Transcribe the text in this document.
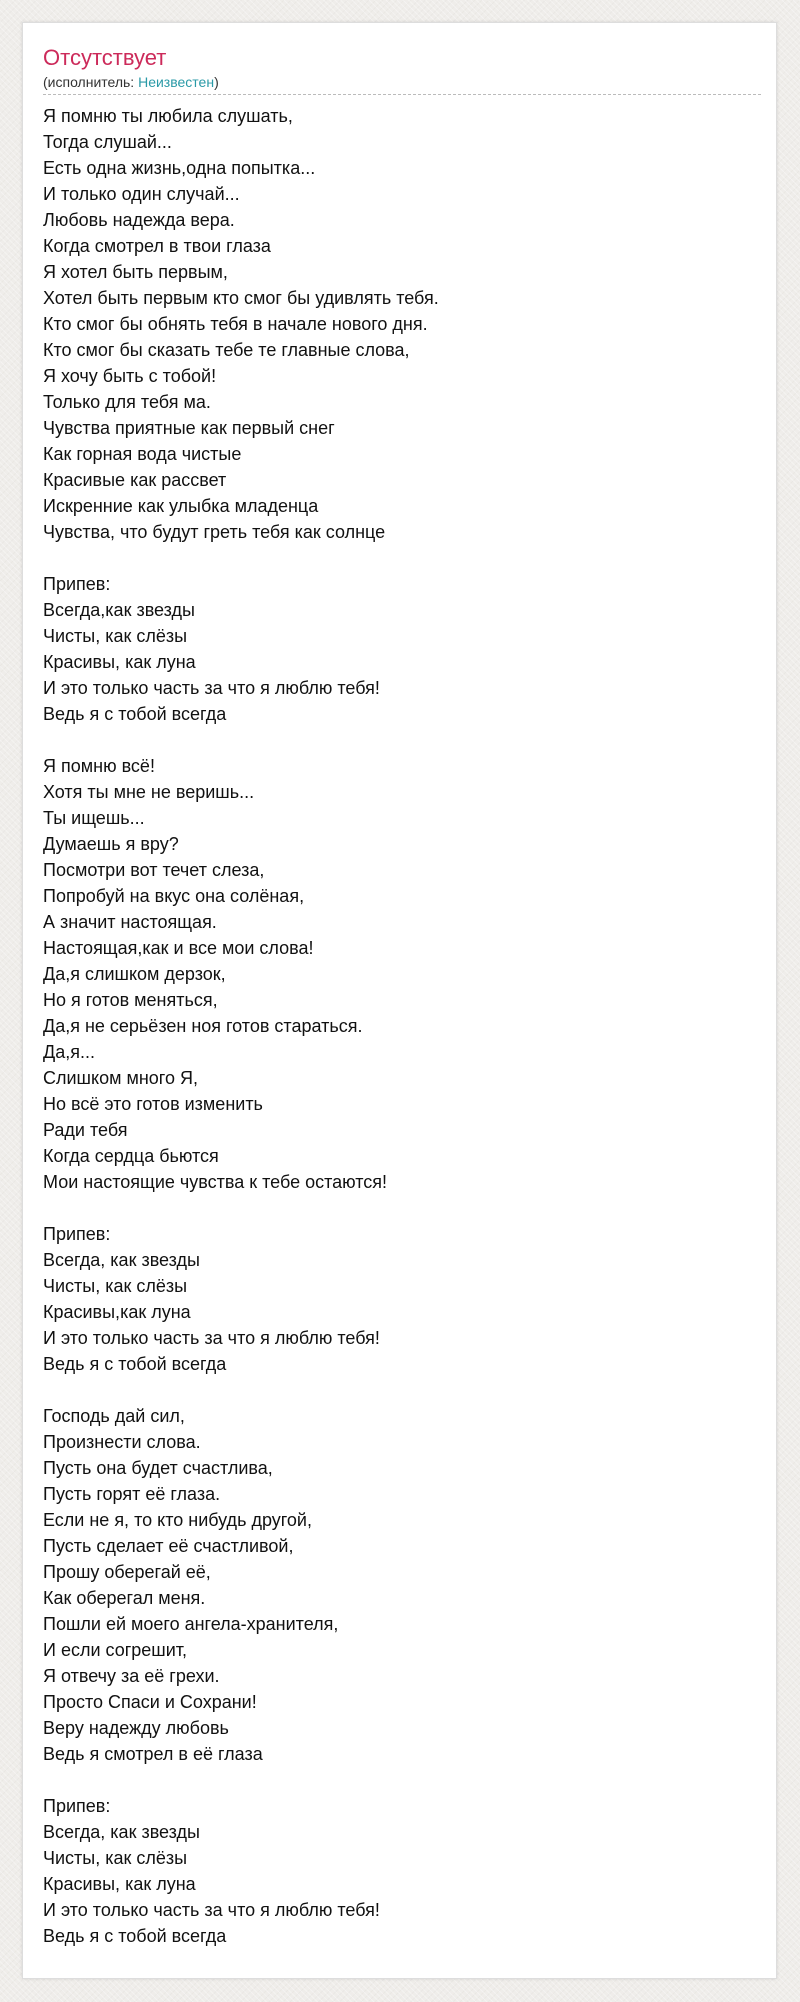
Отсутствует
(исполнитель: Неизвестен)
Я помню ты любила слушать,
Тогда слушай...
Есть одна жизнь,одна попытка...
И только один случай...
Любовь надежда вера.
Когда смотрел в твои глаза
Я хотел быть первым,
Хотел быть первым кто смог бы удивлять тебя.
Кто смог бы обнять тебя в начале нового дня.
Кто смог бы сказать тебе те главные слова,
Я хочу быть с тобой!
Только для тебя ма.
Чувства приятные как первый снег
Как горная вода чистые
Красивые как рассвет
Искренние как улыбка младенца
Чувства, что будут греть тебя как солнце
Припев:
Всегда,как звезды
Чисты, как слёзы
Красивы, как луна
И это только часть за что я люблю тебя!
Ведь я с тобой всегда
Я помню всё!
Хотя ты мне не веришь...
Ты ищешь...
Думаешь я вру?
Посмотри вот течет слеза,
Попробуй на вкус она солёная,
А значит настоящая.
Настоящая,как и все мои слова!
Да,я слишком дерзок,
Но я готов меняться,
Да,я не серьёзен ноя готов стараться.
Да,я...
Слишком много Я,
Но всё это готов изменить
Ради тебя
Когда сердца бьются
Мои настоящие чувства к тебе остаются!
Припев:
Всегда, как звезды
Чисты, как слёзы
Красивы,как луна
И это только часть за что я люблю тебя!
Ведь я с тобой всегда
Господь дай сил,
Произнести слова.
Пусть она будет счастлива,
Пусть горят её глаза.
Если не я, то кто нибудь другой,
Пусть сделает её счастливой,
Прошу оберегай её,
Как оберегал меня.
Пошли ей моего ангела-хранителя,
И если согрешит,
Я отвечу за её грехи.
Просто Спаси и Сохрани!
Веру надежду любовь
Ведь я смотрел в её глаза
Припев:
Всегда, как звезды
Чисты, как слёзы
Красивы, как луна
И это только часть за что я люблю тебя!
Ведь я с тобой всегда
